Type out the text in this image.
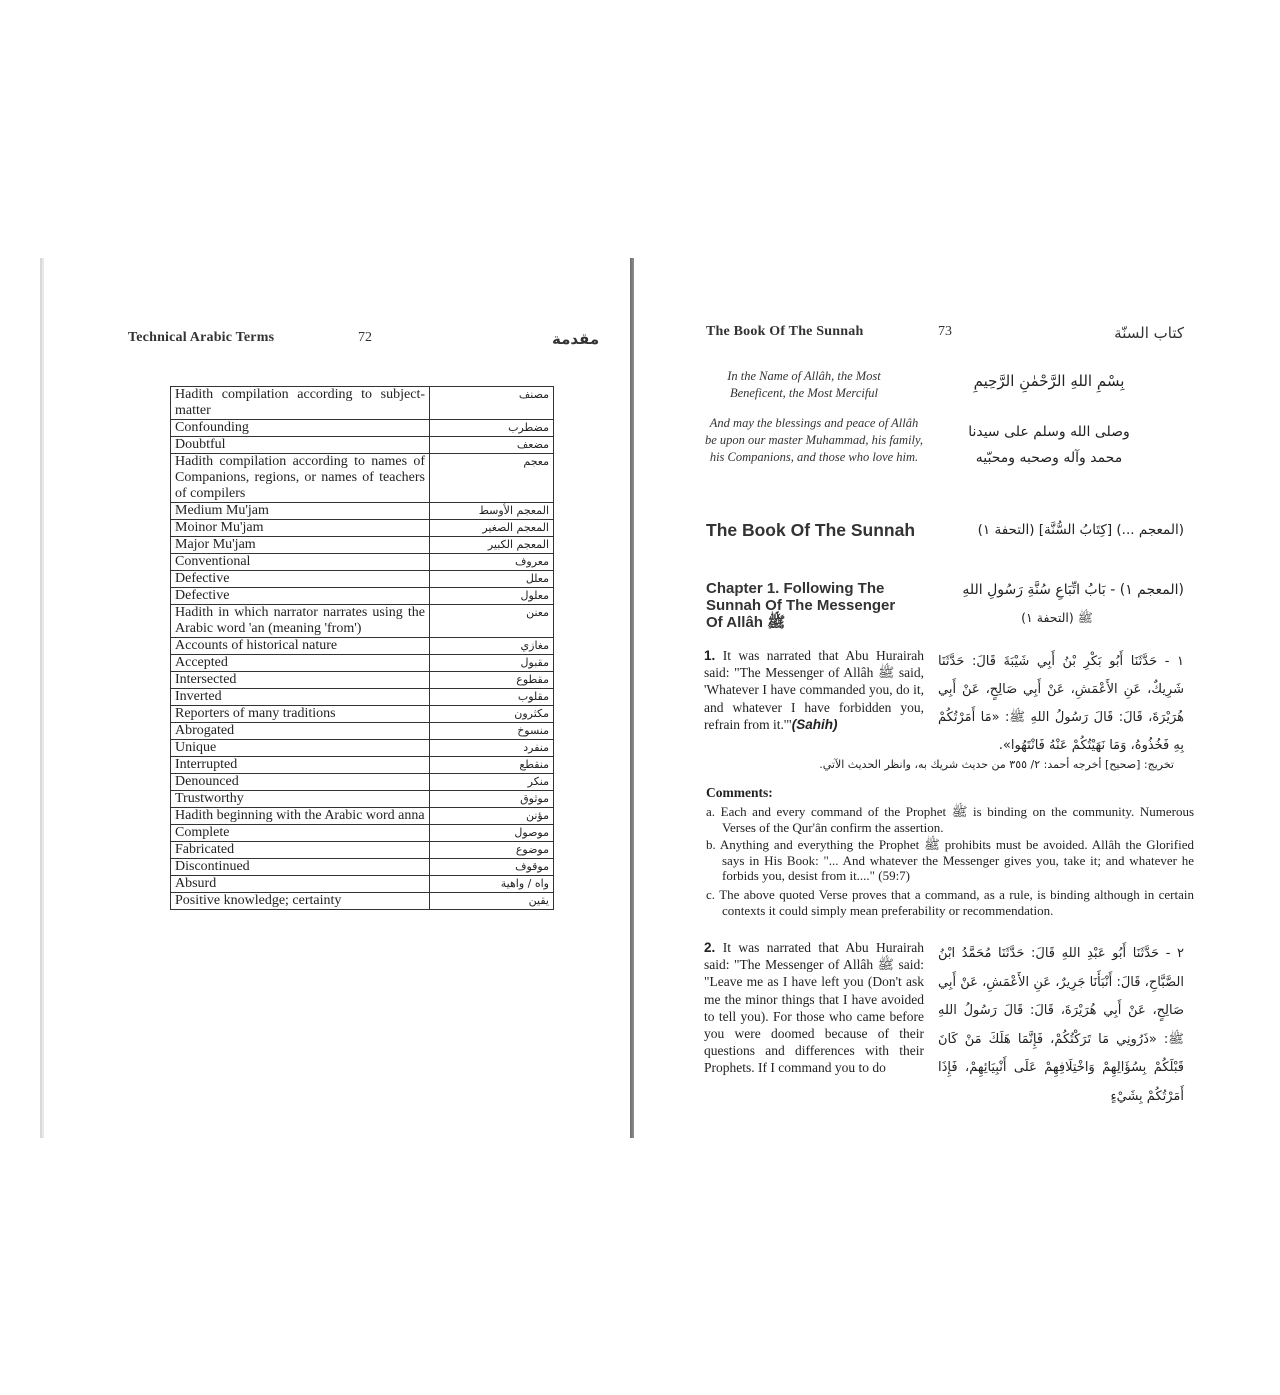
Technical Arabic Terms	72	مقدمة
Hadith compilation according to subject-matter	مصنف
Confounding	مضطرب
Doubtful	مضعف
Hadith compilation according to names of Companions, regions, or names of teachers of compilers	معجم
Medium Mu'jam	المعجم الأوسط
Moinor Mu'jam	المعجم الصغير
Major Mu'jam	المعجم الكبير
Conventional	معروف
Defective	معلل
Defective	معلول
Hadith in which narrator narrates using the Arabic word 'an (meaning 'from')	معنن
Accounts of historical nature	مغازي
Accepted	مقبول
Intersected	مقطوع
Inverted	مقلوب
Reporters of many traditions	مكثرون
Abrogated	منسوخ
Unique	منفرد
Interrupted	منقطع
Denounced	منكر
Trustworthy	موثوق
Hadith beginning with the Arabic word anna	مؤنن
Complete	موصول
Fabricated	موضوع
Discontinued	موقوف
Absurd	واه / واهية
Positive knowledge; certainty	يقين
The Book Of The Sunnah	73	كتاب السنّة
In the Name of Allâh, the Most Beneficent, the Most Merciful
بِسْمِ اللهِ الرَّحْمٰنِ الرَّحِيمِ
And may the blessings and peace of Allâh be upon our master Muhammad, his family, his Companions, and those who love him.
وصلى الله وسلم على سيدنا
محمد وآله وصحبه ومحبّيه
The Book Of The Sunnah	(المعجم ...) [كِتَابُ السُّنَّة] (التحفة ١)
Chapter 1. Following The Sunnah Of The Messenger Of Allâh ﷺ
(المعجم ١) - بَابُ اتِّبَاعِ سُنَّةِ رَسُولِ اللهِ
ﷺ (التحفة ١)
1. It was narrated that Abu Hurairah said: "The Messenger of Allâh ﷺ said, 'Whatever I have commanded you, do it, and whatever I have forbidden you, refrain from it.'"(Sahih)
١ - حَدَّثَنَا أَبُو بَكْرِ بْنُ أَبِي شَيْبَةَ قَالَ: حَدَّثَنَا شَرِيكٌ، عَنِ الأَعْمَشِ، عَنْ أَبِي صَالِحٍ، عَنْ أَبِي هُرَيْرَةَ، قَالَ: قَالَ رَسُولُ اللهِ ﷺ: «مَا أَمَرْتُكُمْ بِهِ فَخُذُوهُ، وَمَا نَهَيْتُكُمْ عَنْهُ فَانْتَهُوا».
تخريج: [صحيح] أخرجه أحمد: ٢/ ٣٥٥ من حديث شريك به، وانظر الحديث الآتي.
Comments:
a. Each and every command of the Prophet ﷺ is binding on the community. Numerous Verses of the Qur'ân confirm the assertion.
b. Anything and everything the Prophet ﷺ prohibits must be avoided. Allâh the Glorified says in His Book: "... And whatever the Messenger gives you, take it; and whatever he forbids you, desist from it...." (59:7)
c. The above quoted Verse proves that a command, as a rule, is binding although in certain contexts it could simply mean preferability or recommendation.
2. It was narrated that Abu Hurairah said: "The Messenger of Allâh ﷺ said: "Leave me as I have left you (Don't ask me the minor things that I have avoided to tell you). For those who came before you were doomed because of their questions and differences with their Prophets. If I command you to do
٢ - حَدَّثَنَا أَبُو عَبْدِ اللهِ قَالَ: حَدَّثَنَا مُحَمَّدُ ابْنُ الصَّبَّاحِ، قَالَ: أَنْبَأَنَا جَرِيرٌ، عَنِ الأَعْمَشِ، عَنْ أَبِي صَالِحٍ، عَنْ أَبِي هُرَيْرَةَ، قَالَ: قَالَ رَسُولُ اللهِ ﷺ: «ذَرُونِي مَا تَرَكْتُكُمْ، فَإِنَّمَا هَلَكَ مَنْ كَانَ قَبْلَكُمْ بِسُؤَالِهِمْ وَاخْتِلَافِهِمْ عَلَى أَنْبِيَائِهِمْ، فَإِذَا أَمَرْتُكُمْ بِشَيْءٍ
